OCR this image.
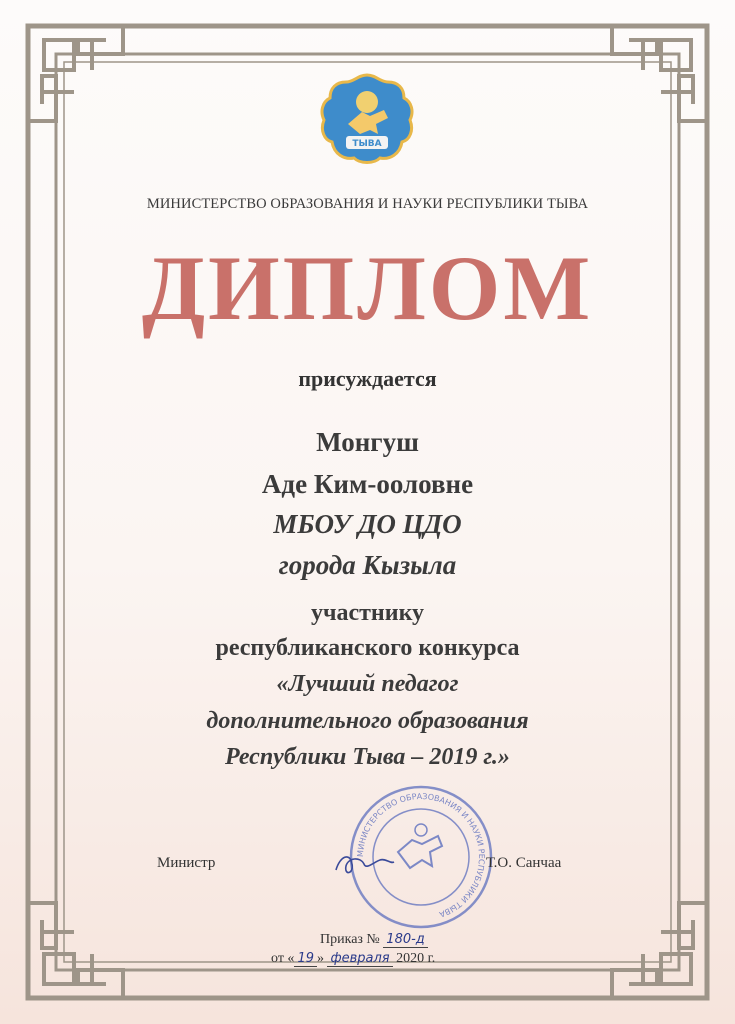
ТЫВА
МИНИСТЕРСТВО ОБРАЗОВАНИЯ И НАУКИ РЕСПУБЛИКИ ТЫВА
ДИПЛОМ
присуждается
Монгуш
Аде Ким-ооловне
МБОУ ДО ЦДО
города Кызыла
участнику
республиканского конкурса
«Лучший педагог
дополнительного образования
Республики Тыва – 2019 г.»
МИНИСТЕРСТВО ОБРАЗОВАНИЯ И НАУКИ РЕСПУБЛИКИ ТЫВА
Министр	Т.О. Санчаа
Приказ № 180-д
от « 19 » февраля 2020 г.
